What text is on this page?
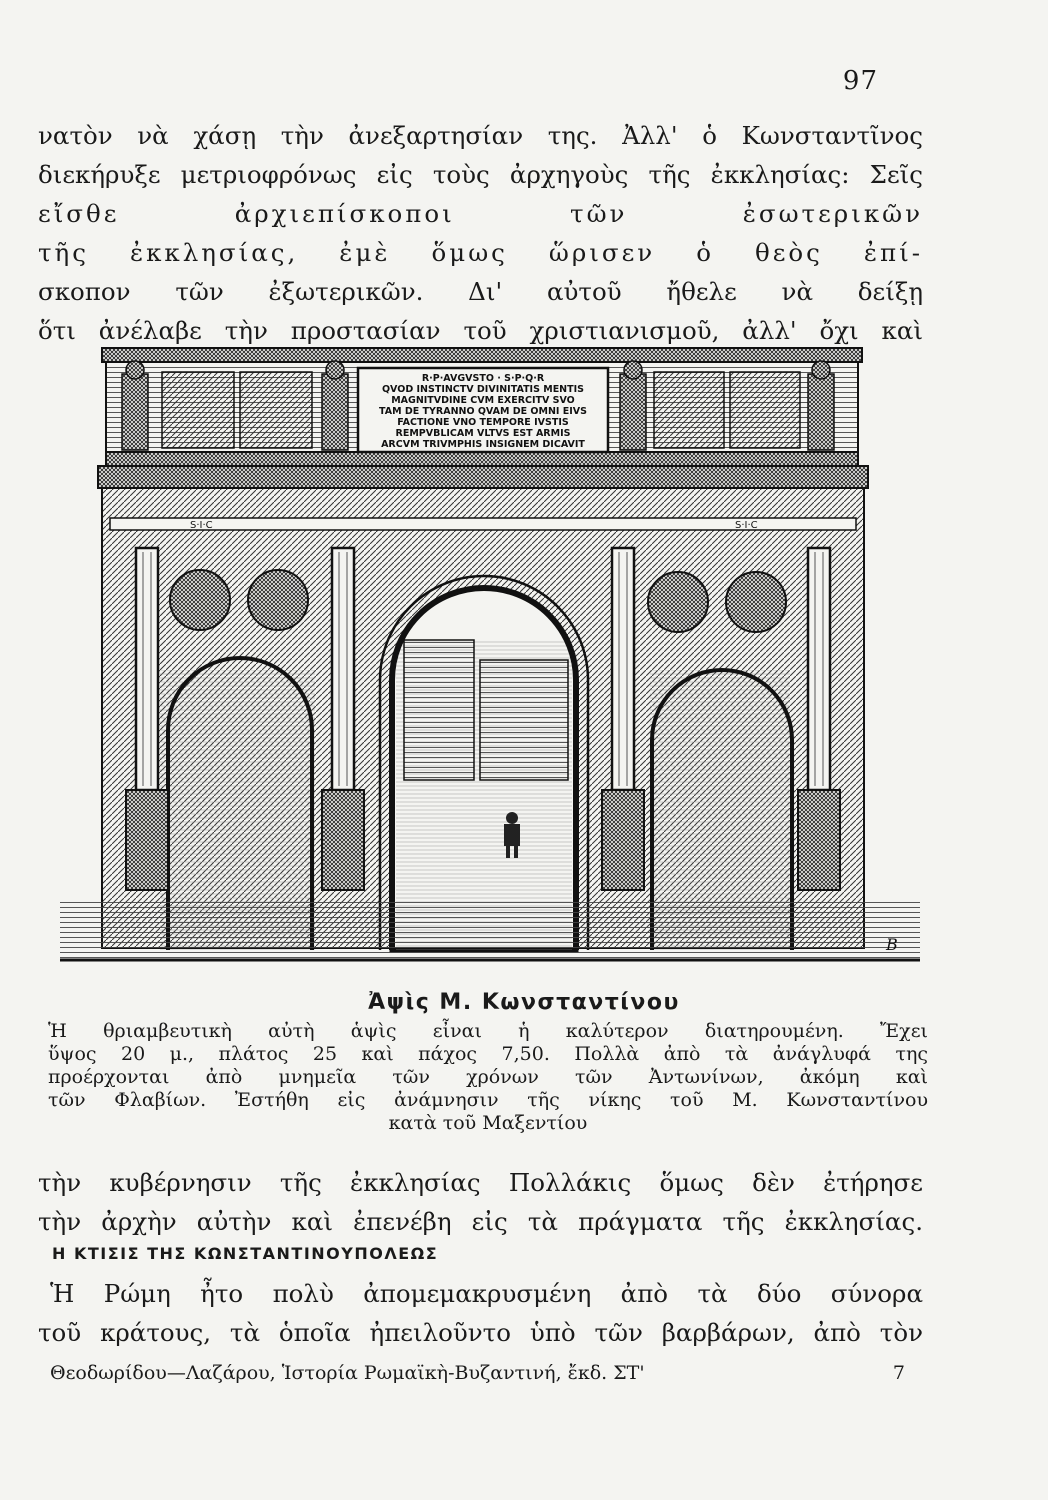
97
νατὸν νὰ χάσῃ τὴν ἀνεξαρτησίαν της. Ἀλλ' ὁ Κωνσταντῖνος
διεκήρυξε μετριοφρόνως εἰς τοὺς ἀρχηγοὺς τῆς ἐκκλησίας: Σεῖς
εἴσθε ἀρχιεπίσκοποι τῶν ἐσωτερικῶν
τῆς ἐκκλησίας, ἐμὲ ὅμως ὥρισεν ὁ θεὸς ἐπί-
σκοπον τῶν ἐξωτερικῶν. Δι' αὐτοῦ ἤθελε νὰ δείξῃ
ὅτι ἀνέλαβε τὴν προστασίαν τοῦ χριστιανισμοῦ, ἀλλ' ὄχι καὶ
R·P·AVGVSTO · S·P·Q·R
QVOD INSTINCTV DIVINITATIS MENTIS
MAGNITVDINE CVM EXERCITV SVO
TAM DE TYRANNO QVAM DE OMNI EIVS
FACTIONE VNO TEMPORE IVSTIS
REMPVBLICAM VLTVS EST ARMIS
ARCVM TRIVMPHIS INSIGNEM DICAVIT
S·I·C	S·I·C
B
Ἀψὶς Μ. Κωνσταντίνου
Ἡ θριαμβευτικὴ αὐτὴ ἁψὶς εἶναι ἡ καλύτερον διατηρουμένη. Ἔχει
ὕψος 20 μ., πλάτος 25 καὶ πάχος 7,50. Πολλὰ ἀπὸ τὰ ἀνάγλυφά της
προέρχονται ἀπὸ μνημεῖα τῶν χρόνων τῶν Ἀντωνίνων, ἀκόμη καὶ
τῶν Φλαβίων. Ἐστήθη εἰς ἀνάμνησιν τῆς νίκης τοῦ Μ. Κωνσταντίνου
κατὰ τοῦ Μαξεντίου
τὴν κυβέρνησιν τῆς ἐκκλησίας Πολλάκις ὅμως δὲν ἐτήρησε
τὴν ἀρχὴν αὐτὴν καὶ ἐπενέβη εἰς τὰ πράγματα τῆς ἐκκλησίας.
Η ΚΤΙΣΙΣ ΤΗΣ ΚΩΝΣΤΑΝΤΙΝΟΥΠΟΛΕΩΣ
Ἡ Ρώμη ἦτο πολὺ ἀπομεμακρυσμένη ἀπὸ τὰ δύο σύνορα
τοῦ κράτους, τὰ ὁποῖα ἠπειλοῦντο ὑπὸ τῶν βαρβάρων, ἀπὸ τὸν
Θεοδωρίδου—Λαζάρου, Ἱστορία Ρωμαϊκὴ-Βυζαντινή, ἔκδ. ΣΤ'	7
